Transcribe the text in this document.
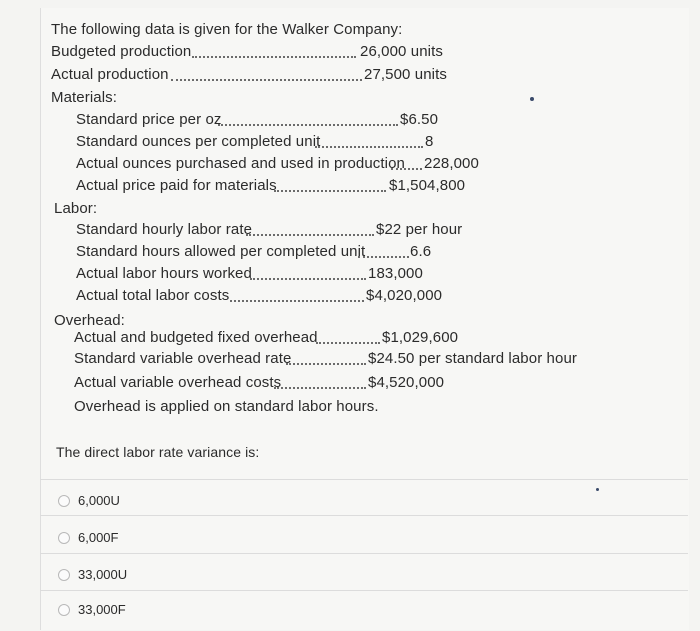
The following data is given for the Walker Company:
Budgeted production	26,000 units
Actual production	27,500 units
Materials:
Standard price per oz	$6.50
Standard ounces per completed unit	8
Actual ounces purchased and used in production 228,000
Actual price paid for materials	$1,504,800
Labor:
Standard hourly labor rate	$22 per hour
Standard hours allowed per completed unit	6.6
Actual labor hours worked	183,000
Actual total labor costs	$4,020,000
Overhead:
Actual and budgeted fixed overhead	$1,029,600
Standard variable overhead rate	$24.50 per standard labor hour
Actual variable overhead costs	$4,520,000
Overhead is applied on standard labor hours.
The direct labor rate variance is:
6,000U
6,000F
33,000U
33,000F
